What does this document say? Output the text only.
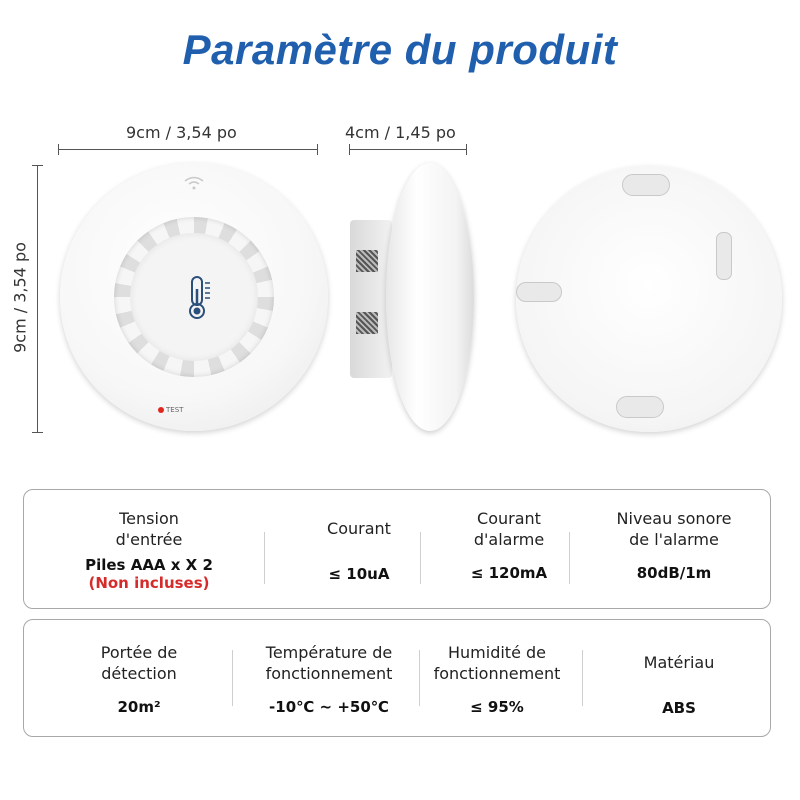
Paramètre du produit
9cm / 3,54 po	4cm / 1,45 po
9cm / 3,54 po
TEST
Tension
d'entrée
Piles AAA x X 2
(Non incluses)
Courant
≤ 10uA
Courant
d'alarme
≤ 120mA
Niveau sonore
de l'alarme
80dB/1m
Portée de
détection
20m²
Température de
fonctionnement
-10℃ ~ +50℃
Humidité de
fonctionnement
≤ 95%
Matériau
ABS
